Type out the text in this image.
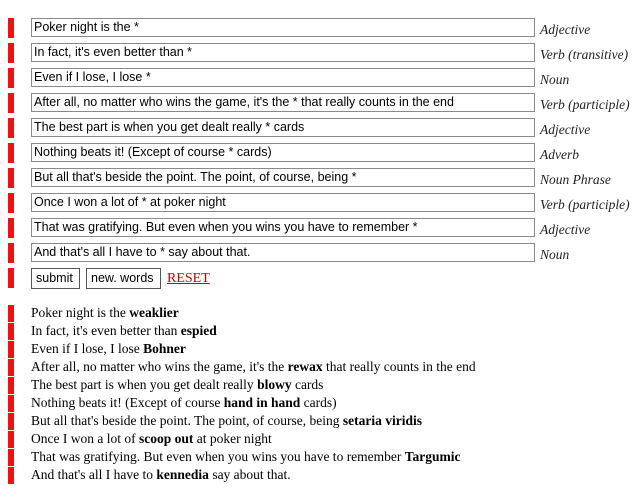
Poker night is the *	Adjective
In fact, it's even better than *	Verb (transitive)
Even if I lose, I lose *	Noun
After all, no matter who wins the game, it's the * that really counts in the end	Verb (participle)
The best part is when you get dealt really * cards	Adjective
Nothing beats it! (Except of course * cards)	Adverb
But all that's beside the point. The point, of course, being *	Noun Phrase
Once I won a lot of * at poker night	Verb (participle)
That was gratifying. But even when you wins you have to remember *	Adjective
And that's all I have to * say about that.	Noun
submit	new. words RESET
Poker night is the weaklier
In fact, it's even better than espied
Even if I lose, I lose Bohner
After all, no matter who wins the game, it's the rewax that really counts in the end
The best part is when you get dealt really blowy cards
Nothing beats it! (Except of course hand in hand cards)
But all that's beside the point. The point, of course, being setaria viridis
Once I won a lot of scoop out at poker night
That was gratifying. But even when you wins you have to remember Targumic
And that's all I have to kennedia say about that.
